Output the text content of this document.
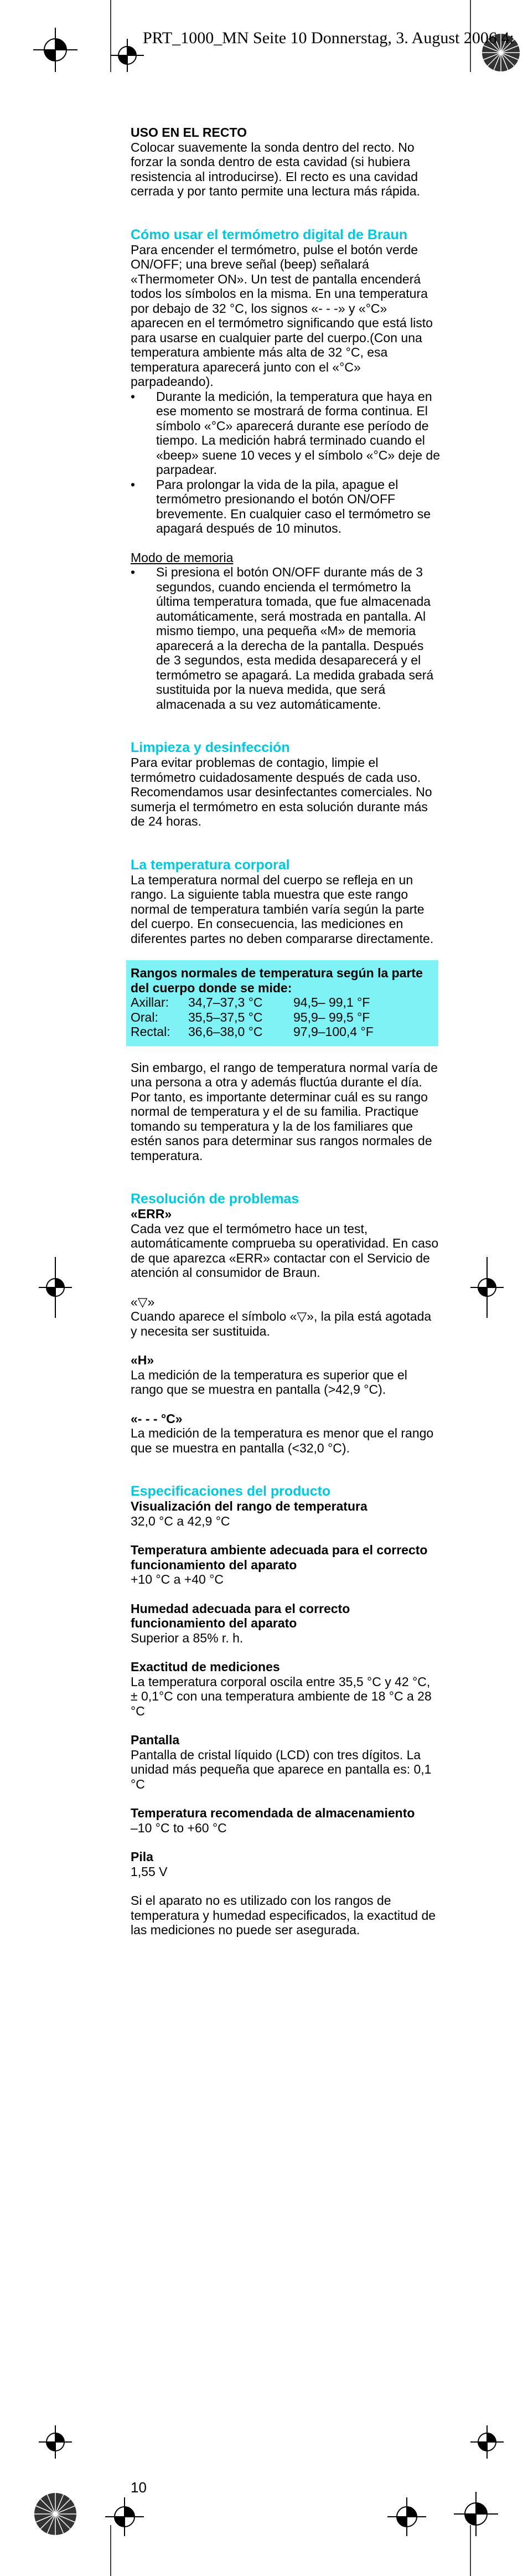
PRT_1000_MN Seite 10 Donnerstag, 3. August 2006 4:

USO EN EL RECTO

Colocar suavemente la sonda dentro del recto. No forzar la sonda dentro de esta cavidad (si hubiera resistencia al introducirse). El recto es una cavidad cerrada y por tanto permite una lectura más rápida.

Cómo usar el termómetro digital de Braun

Para encender el termómetro, pulse el botón verde ON/OFF; una breve señal (beep) señalará «Thermometer ON». Un test de pantalla encenderá todos los símbolos en la misma. En una temperatura por debajo de 32 °C, los signos «- - -» y «°C» aparecen en el termómetro significando que está listo para usarse en cualquier parte del cuerpo.(Con una temperatura ambiente más alta de 32 °C, esa temperatura aparecerá junto con el «°C» parpadeando).

• Durante la medición, la temperatura que haya en ese momento se mostrará de forma continua. El símbolo «°C» aparecerá durante ese período de tiempo. La medición habrá terminado cuando el «beep» suene 10 veces y el símbolo «°C» deje de parpadear.
• Para prolongar la vida de la pila, apague el termómetro presionando el botón ON/OFF brevemente. En cualquier caso el termómetro se apagará después de 10 minutos.

Modo de memoria

• Si presiona el botón ON/OFF durante más de 3 segundos, cuando encienda el termómetro la última temperatura tomada, que fue almacenada automáticamente, será mostrada en pantalla. Al mismo tiempo, una pequeña «M» de memoria aparecerá a la derecha de la pantalla. Después de 3 segundos, esta medida desaparecerá y el termómetro se apagará. La medida grabada será sustituida por la nueva medida, que será almacenada a su vez automáticamente.

Limpieza y desinfección

Para evitar problemas de contagio, limpie el termómetro cuidadosamente después de cada uso. Recomendamos usar desinfectantes comerciales. No sumerja el termómetro en esta solución durante más de 24 horas.

La temperatura corporal

La temperatura normal del cuerpo se refleja en un rango. La siguiente tabla muestra que este rango normal de temperatura también varía según la parte del cuerpo. En consecuencia, las mediciones en diferentes partes no deben compararse directamente.

Rangos normales de temperatura según la parte del cuerpo donde se mide:

Axillar:	34,7–37,3 °C	94,5– 99,1 °F
Oral:	35,5–37,5 °C	95,9– 99,5 °F
Rectal:	36,6–38,0 °C	97,9–100,4 °F

Sin embargo, el rango de temperatura normal varía de una persona a otra y además fluctúa durante el día. Por tanto, es importante determinar cuál es su rango normal de temperatura y el de su familia. Practique tomando su temperatura y la de los familiares que estén sanos para determinar sus rangos normales de temperatura.

Resolución de problemas

«ERR»

Cada vez que el termómetro hace un test, automáticamente comprueba su operatividad. En caso de que aparezca «ERR» contactar con el Servicio de atención al consumidor de Braun.

«▽»

Cuando aparece el símbolo «▽», la pila está agotada y necesita ser sustituida.

«H»

La medición de la temperatura es superior que el rango que se muestra en pantalla (>42,9 °C).

«- - - °C»

La medición de la temperatura es menor que el rango que se muestra en pantalla (<32,0 °C).

Especificaciones del producto

Visualización del rango de temperatura

32,0 °C a 42,9 °C

Temperatura ambiente adecuada para el correcto funcionamiento del aparato

+10 °C a +40 °C

Humedad adecuada para el correcto funcionamiento del aparato

Superior a 85% r. h.

Exactitud de mediciones

La temperatura corporal oscila entre 35,5 °C y 42 °C, ± 0,1°C con una temperatura ambiente de 18 °C a 28 °C

Pantalla

Pantalla de cristal líquido (LCD) con tres dígitos. La unidad más pequeña que aparece en pantalla es: 0,1 °C

Temperatura recomendada de almacenamiento

–10 °C to +60 °C

Pila

1,55 V

Si el aparato no es utilizado con los rangos de temperatura y humedad especificados, la exactitud de las mediciones no puede ser asegurada.

10
